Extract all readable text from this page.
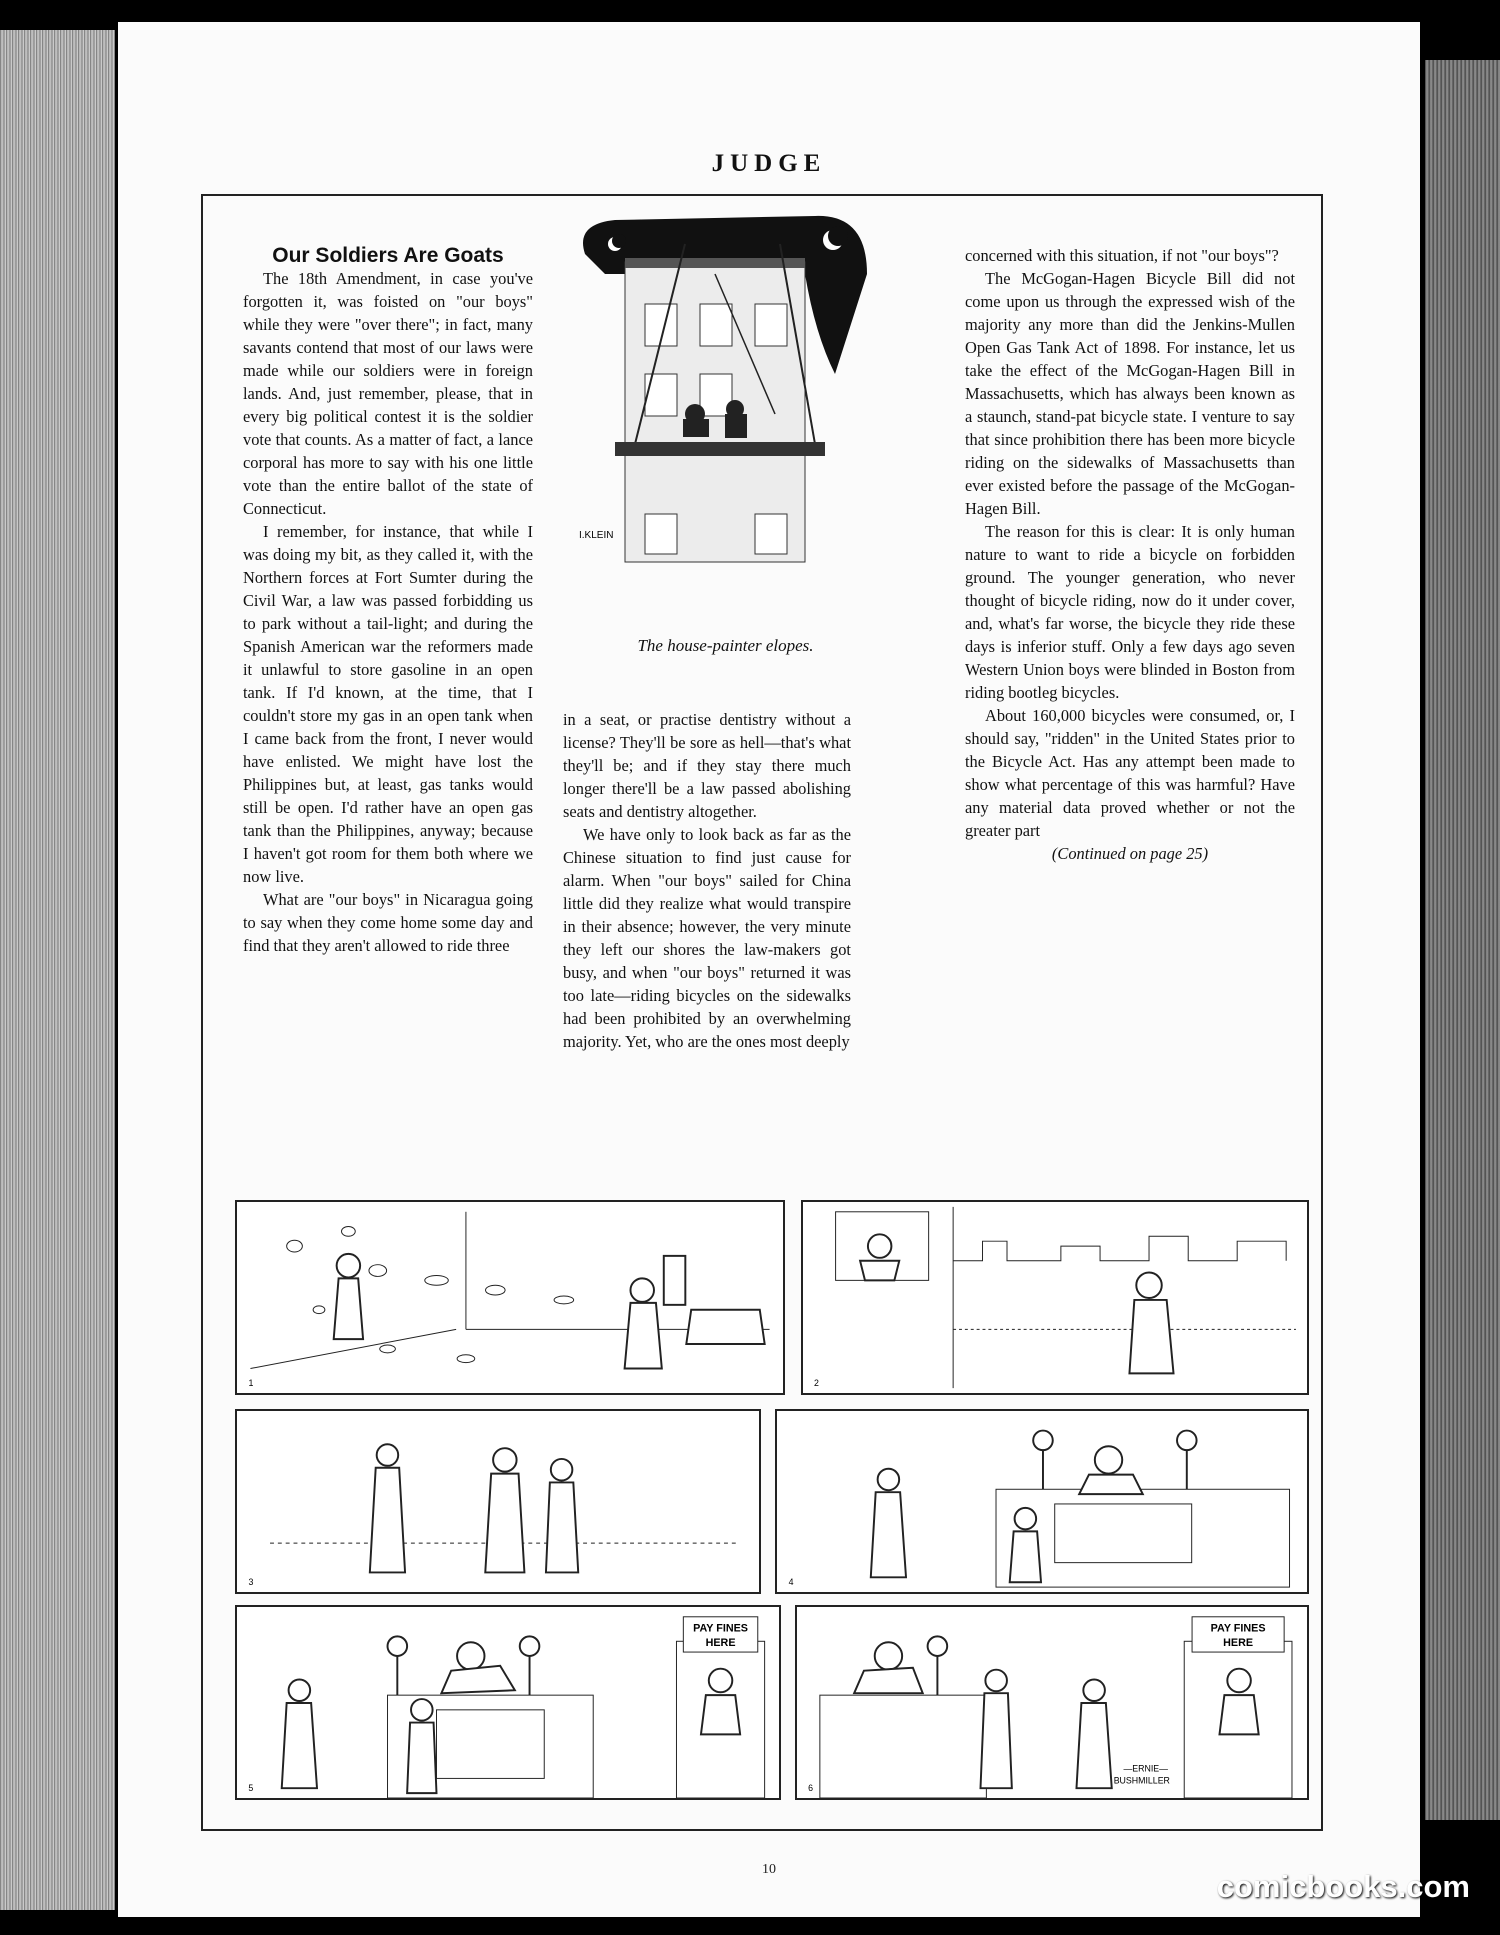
JUDGE

Our Soldiers Are Goats

The 18th Amendment, in case you've forgotten it, was foisted on "our boys" while they were "over there"; in fact, many savants contend that most of our laws were made while our soldiers were in foreign lands. And, just remember, please, that in every big political contest it is the soldier vote that counts. As a matter of fact, a lance corporal has more to say with his one little vote than the entire ballot of the state of Connecticut.

I remember, for instance, that while I was doing my bit, as they called it, with the Northern forces at Fort Sumter during the Civil War, a law was passed forbidding us to park without a tail-light; and during the Spanish American war the reformers made it unlawful to store gasoline in an open tank. If I'd known, at the time, that I couldn't store my gas in an open tank when I came back from the front, I never would have enlisted. We might have lost the Philippines but, at least, gas tanks would still be open. I'd rather have an open gas tank than the Philippines, anyway; because I haven't got room for them both where we now live.

What are "our boys" in Nicaragua going to say when they come home some day and find that they aren't allowed to ride three

I.KLEIN
The house-painter elopes.

in a seat, or practise dentistry without a license? They'll be sore as hell—that's what they'll be; and if they stay there much longer there'll be a law passed abolishing seats and dentistry altogether.

We have only to look back as far as the Chinese situation to find just cause for alarm. When "our boys" sailed for China little did they realize what would transpire in their absence; however, the very minute they left our shores the law-makers got busy, and when "our boys" returned it was too late—riding bicycles on the sidewalks had been prohibited by an overwhelming majority. Yet, who are the ones most deeply

concerned with this situation, if not "our boys"?

The McGogan-Hagen Bicycle Bill did not come upon us through the expressed wish of the majority any more than did the Jenkins-Mullen Open Gas Tank Act of 1898. For instance, let us take the effect of the McGogan-Hagen Bill in Massachusetts, which has always been known as a staunch, stand-pat bicycle state. I venture to say that since prohibition there has been more bicycle riding on the sidewalks of Massachusetts than ever existed before the passage of the McGogan-Hagen Bill.

The reason for this is clear: It is only human nature to want to ride a bicycle on forbidden ground. The younger generation, who never thought of bicycle riding, now do it under cover, and, what's far worse, the bicycle they ride these days is inferior stuff. Only a few days ago seven Western Union boys were blinded in Boston from riding bootleg bicycles.

About 160,000 bicycles were consumed, or, I should say, "ridden" in the United States prior to the Bicycle Act. Has any attempt been made to show what percentage of this was harmful? Have any material data proved whether or not the greater part

(Continued on page 25)

1	2
3	4
PAY FINES
HERE
5
PAY FINES
HERE
—ERNIE—
BUSHMILLER
6
10	comicbooks.com
